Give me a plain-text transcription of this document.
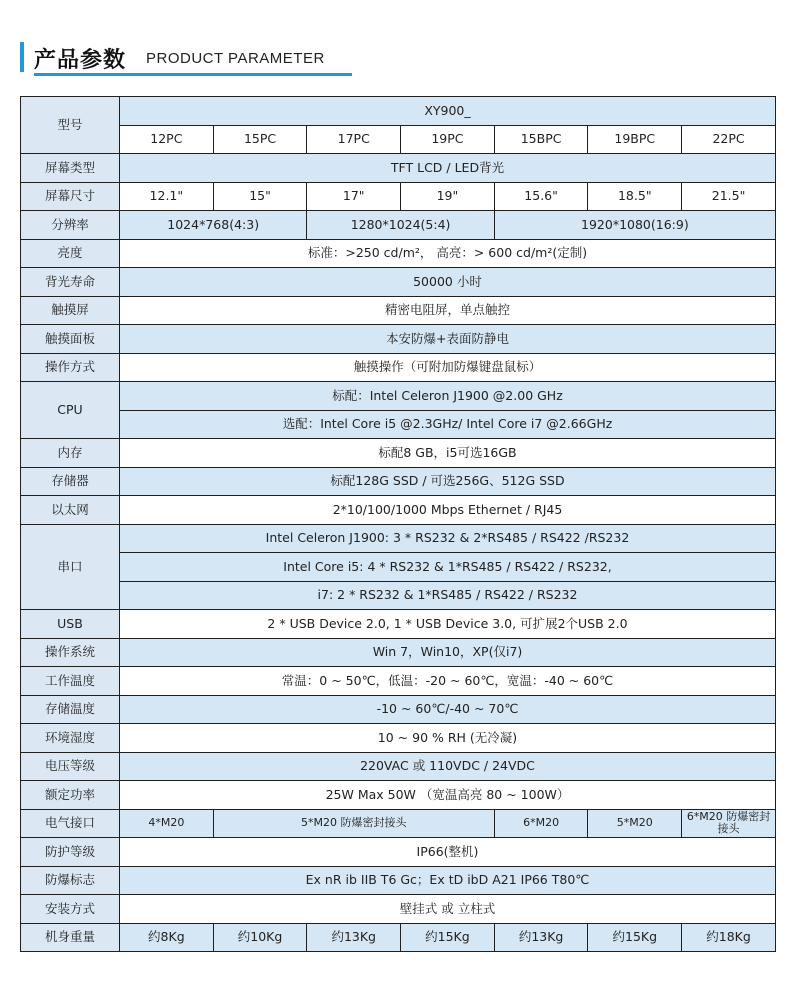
产品参数 PRODUCT PARAMETER
型号	XY900_						
	12PC	15PC	17PC	19PC	15BPC	19BPC	22PC
屏幕类型	TFT LCD / LED背光						
屏幕尺寸	12.1"	15"	17"	19"	15.6"	18.5"	21.5"
分辨率	1024*768(4:3)		1280*1024(5:4)		1920*1080(16:9)		
亮度	标准：>250 cd/m²， 高亮：> 600 cd/m²(定制)						
背光寿命	50000 小时						
触摸屏	精密电阻屏，单点触控						
触摸面板	本安防爆+表面防静电						
操作方式	触摸操作（可附加防爆键盘鼠标）						
CPU	标配：Intel Celeron J1900 @2.00 GHz						
	选配：Intel Core i5 @2.3GHz/ Intel Core i7 @2.66GHz						
内存	标配8 GB，i5可选16GB						
存储器	标配128G SSD / 可选256G、512G SSD						
以太网	2*10/100/1000 Mbps Ethernet / RJ45						
串口	Intel Celeron J1900: 3 * RS232 & 2*RS485 / RS422 /RS232						
	Intel Core i5: 4 * RS232 & 1*RS485 / RS422 / RS232,						
	i7: 2 * RS232 & 1*RS485 / RS422 / RS232						
USB	2 * USB Device 2.0, 1 * USB Device 3.0, 可扩展2个USB 2.0						
操作系统	Win 7，Win10，XP(仅i7)						
工作温度	常温：0 ~ 50℃，低温：-20 ~ 60℃，宽温：-40 ~ 60℃						
存储温度	-10 ~ 60℃/-40 ~ 70℃						
环境湿度	10 ~ 90 % RH (无冷凝)						
电压等级	220VAC 或 110VDC / 24VDC						
额定功率	25W Max 50W （宽温高亮 80 ~ 100W）						
电气接口	4*M20	5*M20 防爆密封接头			6*M20	5*M20	6*M20 防爆密封接头
防护等级	IP66(整机)						
防爆标志	Ex nR ib IIB T6 Gc；Ex tD ibD A21 IP66 T80℃						
安装方式	壁挂式 或 立柱式						
机身重量	约8Kg	约10Kg	约13Kg	约15Kg	约13Kg	约15Kg	约18Kg
